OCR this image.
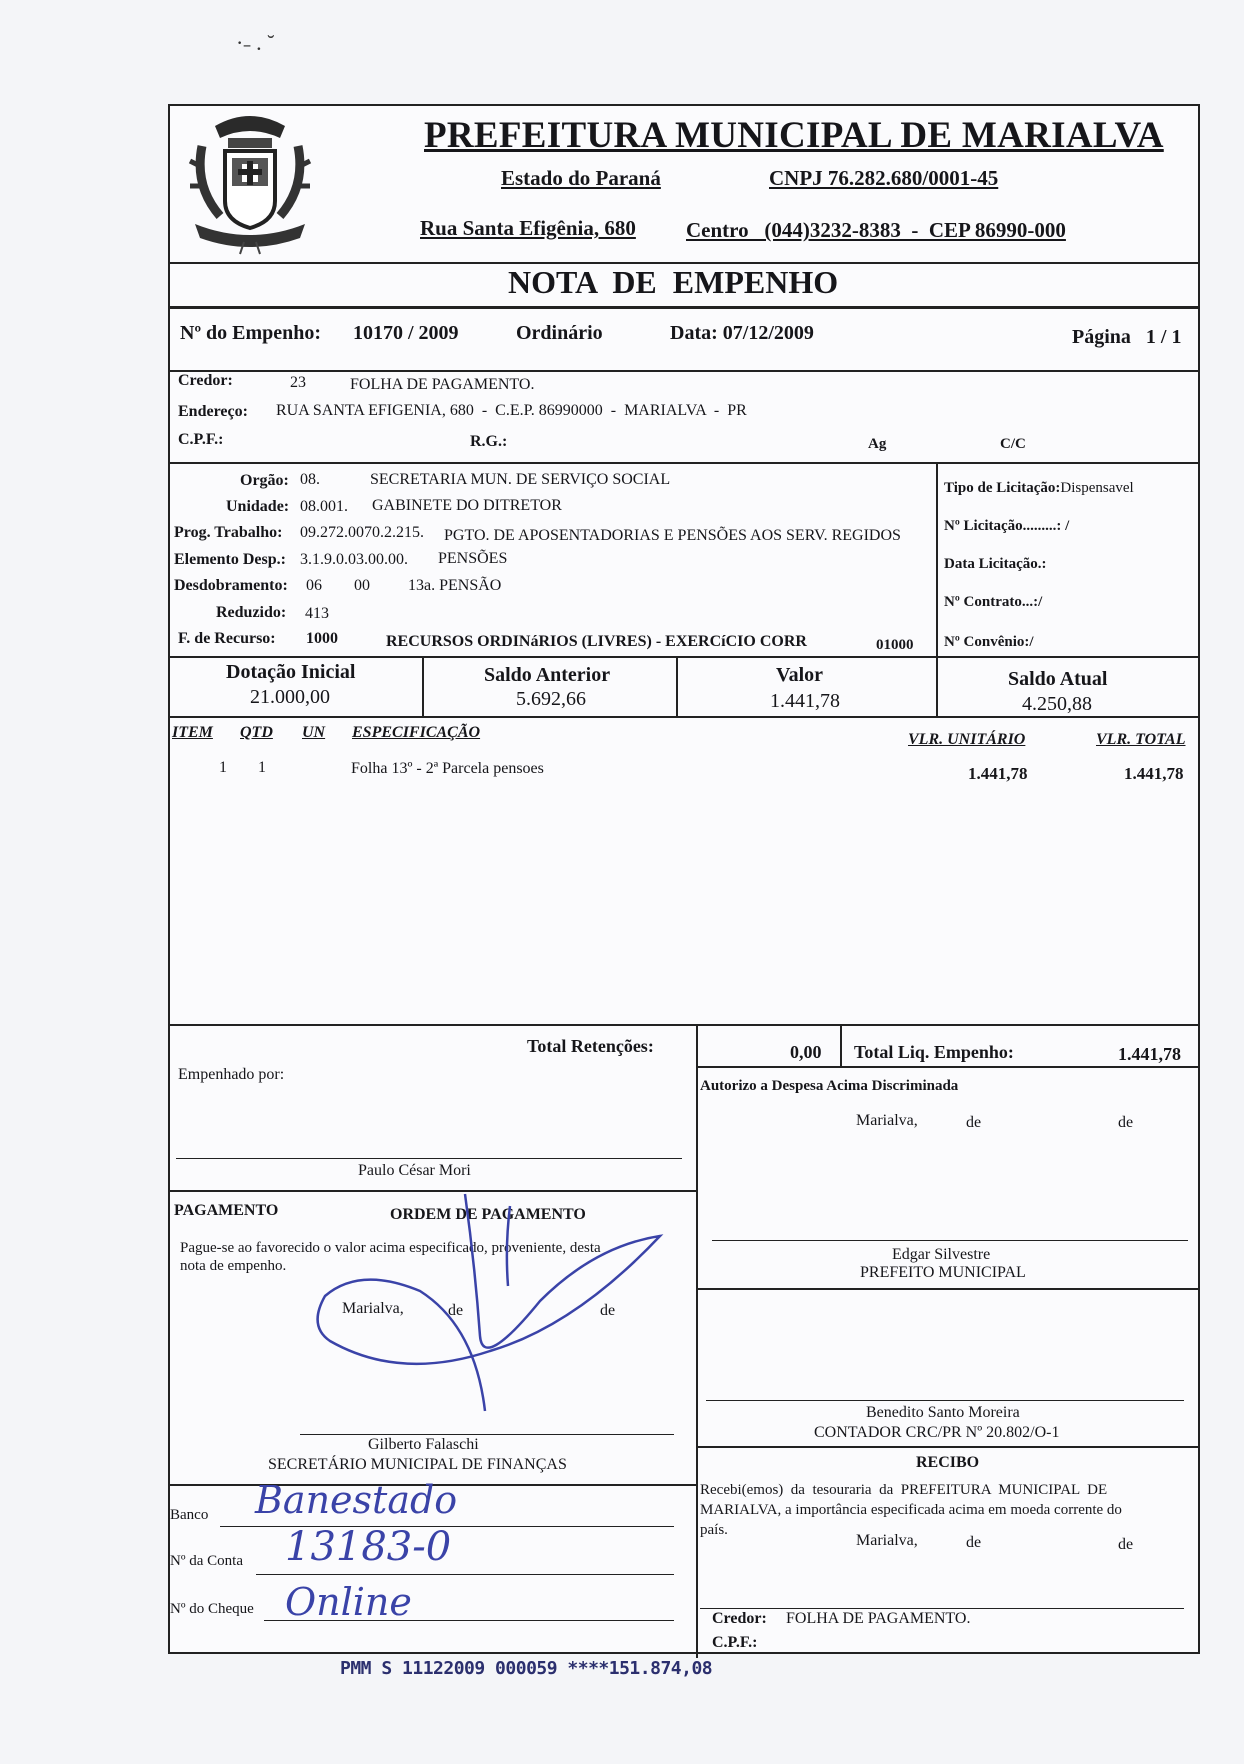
·˗ . ˘
PREFEITURA MUNICIPAL DE MARIALVA
Estado do Paraná	CNPJ 76.282.680/0001-45
Rua Santa Efigênia, 680 Centro   (044)3232-8383  -  CEP 86990-000
NOTA  DE  EMPENHO
Nº do Empenho: 10170 / 2009	Ordinário	Data: 07/12/2009	Página   1 / 1
Credor:	23	FOLHA DE PAGAMENTO.
Endereço: RUA SANTA EFIGENIA, 680  -  C.E.P. 86990000  -  MARIALVA  -  PR
C.P.F.:	R.G.:	Ag	C/C
Orgão: 08.	SECRETARIA MUN. DE SERVIÇO SOCIAL
Unidade: 08.001. GABINETE DO DITRETOR
Prog. Trabalho: 09.272.0070.2.215. PGTO. DE APOSENTADORIAS E PENSÕES AOS SERV. REGIDOS
Elemento Desp.: 3.1.9.0.03.00.00. PENSÕES
Desdobramento: 06 00 13a. PENSÃO
Reduzido: 413
F. de Recurso: 1000	RECURSOS ORDINáRIOS (LIVRES) - EXERCíCIO CORR	01000
Tipo de Licitação:Dispensavel
Nº Licitação.........: /
Data Licitação.:
Nº Contrato...:/
Nº Convênio:/
Dotação Inicial
21.000,00
Saldo Anterior
5.692,66
Valor
1.441,78
Saldo Atual
4.250,88
ITEM QTD UN ESPECIFICAÇÃO	VLR. UNITÁRIO	VLR. TOTAL
1 1	Folha 13º - 2ª Parcela pensoes	1.441,78	1.441,78
Total Retenções:	0,00 Total Liq. Empenho:	1.441,78
Empenhado por:
Paulo César Mori
PAGAMENTO	ORDEM DE PAGAMENTO
Pague-se ao favorecido o valor acima especificado, proveniente, desta
nota de empenho.
Marialva,	de	de
Gilberto Falaschi
SECRETÁRIO MUNICIPAL DE FINANÇAS
Banco Banestado
Nº da Conta 13183-0
Nº do Cheque Online
Autorizo a Despesa Acima Discriminada
Marialva,	de	de
Edgar Silvestre
PREFEITO MUNICIPAL
Benedito Santo Moreira
CONTADOR CRC/PR Nº 20.802/O-1
RECIBO
Recebi(emos)  da  tesouraria  da  PREFEITURA  MUNICIPAL  DE
MARIALVA, a importância especificada acima em moeda corrente do
país.
Marialva,	de	de
Credor: FOLHA DE PAGAMENTO.
C.P.F.:
PMM S 11122009 000059 ****151.874,08
